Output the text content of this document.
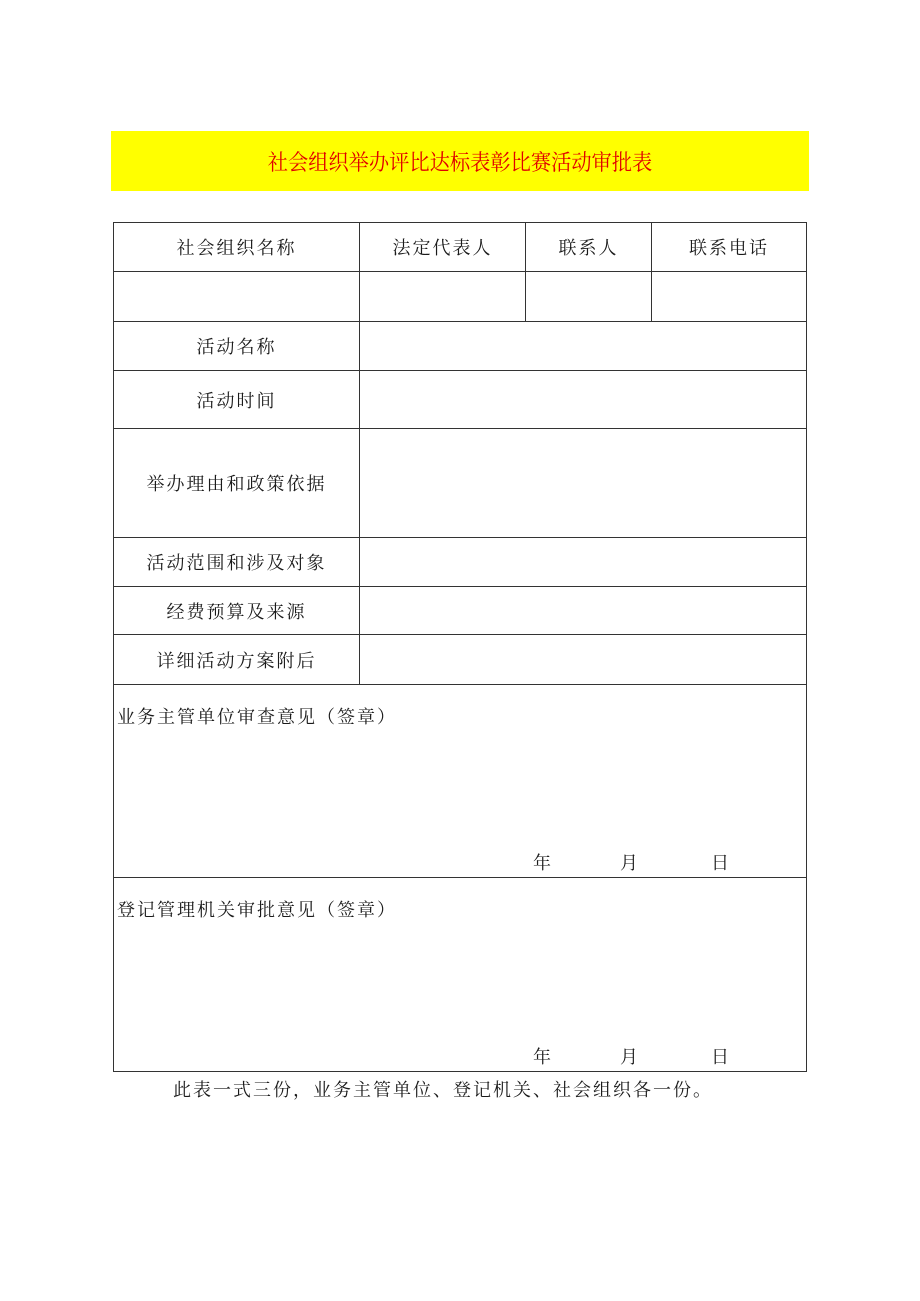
社会组织举办评比达标表彰比赛活动审批表
社会组织名称	法定代表人	联系人	联系电话

活动名称			
活动时间			
举办理由和政策依据			
活动范围和涉及对象			
经费预算及来源			
详细活动方案附后			

业务主管单位审查意见（签章）
年 月 日			

登记管理机关审批意见（签章）
年 月 日			
此表一式三份，业务主管单位、登记机关、社会组织各一份。
